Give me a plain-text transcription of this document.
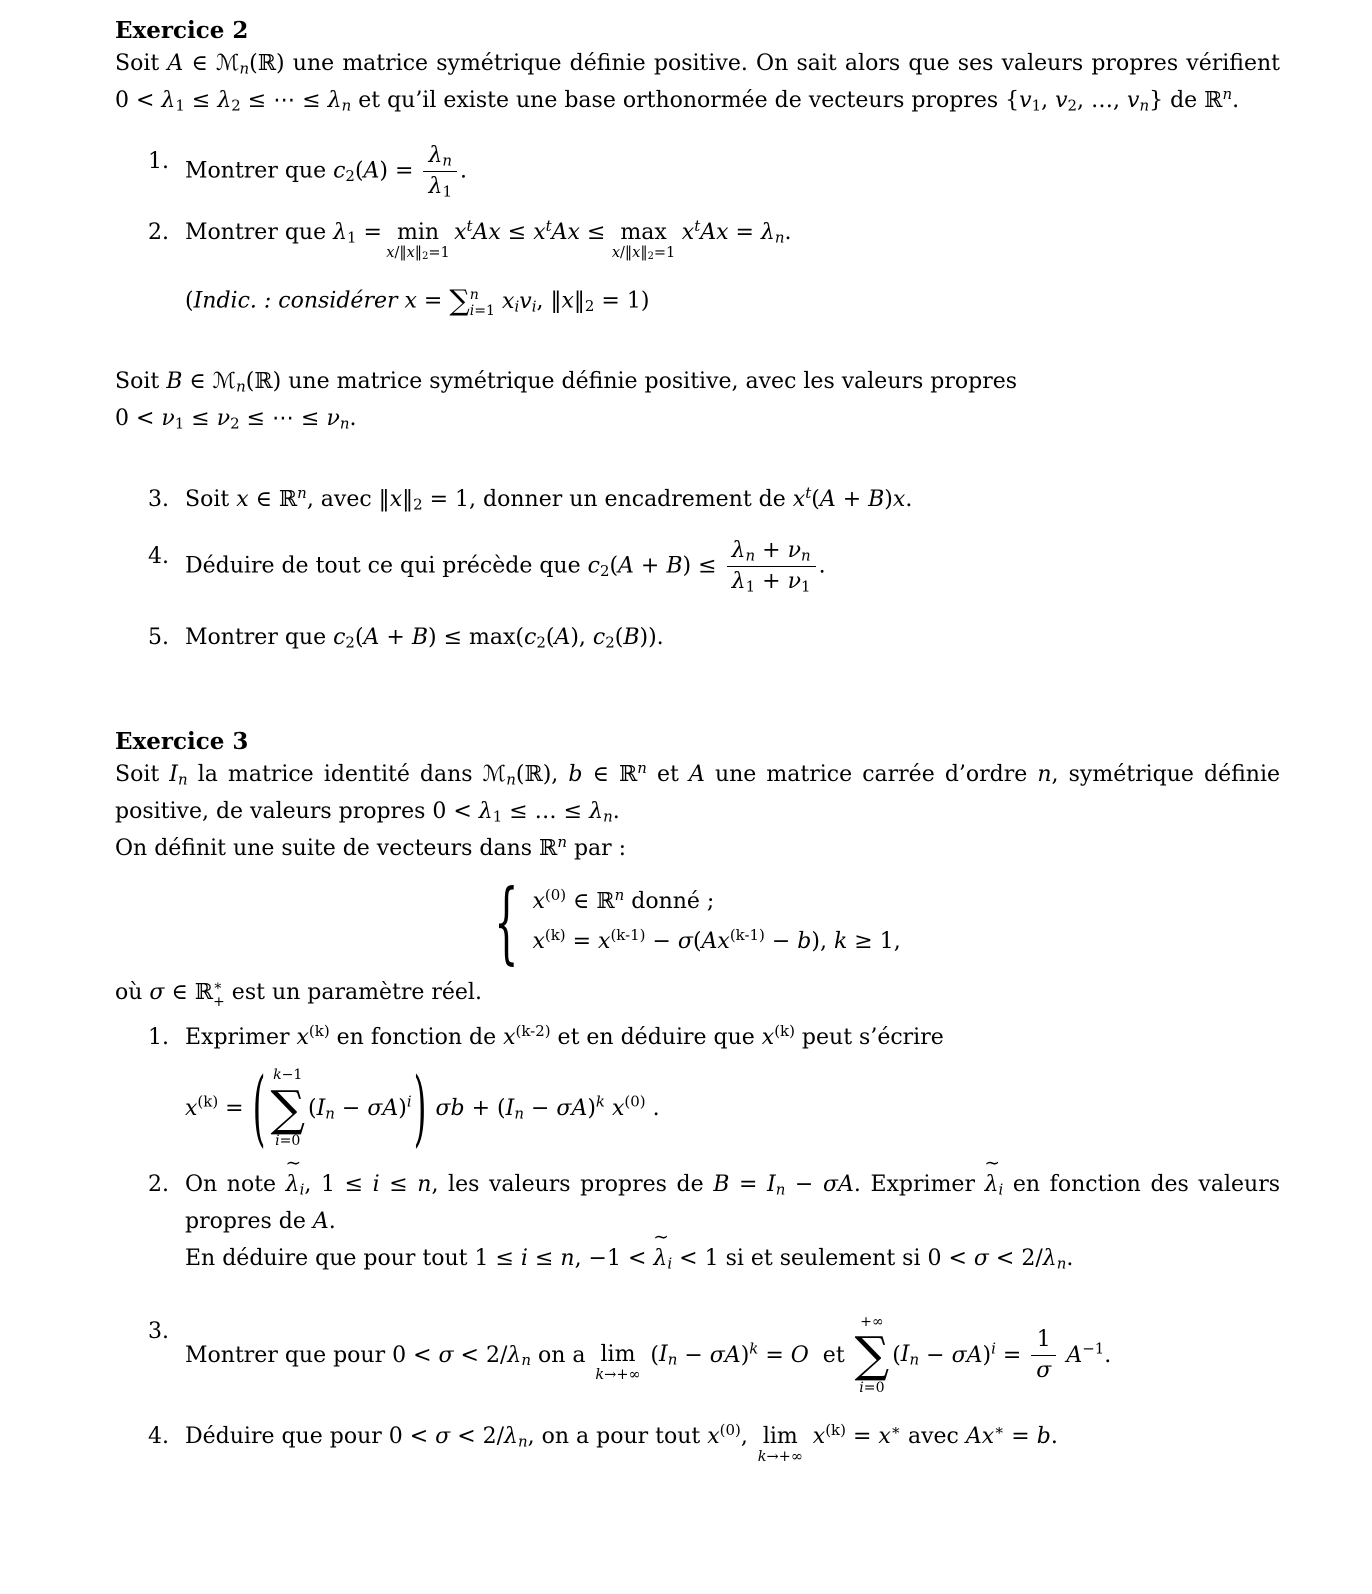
Exercice 2
Soit A ∈ ℳ$_n$(ℝ) une matrice symétrique définie positive. On sait alors que ses valeurs propres vérifient $0 < \lambda_1 \le \lambda_2$ ≤ ⋯ ≤ $\lambda_n$ et qu’il existe une base orthonormée de vecteurs propres {$v_1$, $v_2$, …, $v_n$} de ℝ$^n$.
1. Montrer que $c_2(A) = \frac{\lambda_n}{\lambda_1}$ .
2. Montrer que $\lambda_1 = \min$
$x/‖x‖_2=1$
$x^tAx \le x^tAx \le \max$
$x/‖x‖_2=1$
$x^tAx = \lambda_n$.
(Indic. : considérer x = ∑ n
i=1 $x_iv_i$, $‖x‖_2 = 1$)
Soit B ∈ ℳ$_n$(ℝ) une matrice symétrique définie positive, avec les valeurs propres
$0 < \nu_1 \le \nu_2$ ≤ ⋯ ≤ $\nu_n$.
3. Soit x ∈ ℝ$^n$, avec $‖x‖_2 = 1$, donner un encadrement de $x^t(A + B)x$.
4. Déduire de tout ce qui précède que $c_2(A + B) \le \frac{\lambda_n + \nu_n}{\lambda_1 + \nu_1}$ .
5. Montrer que $c_2(A + B) \le \max(c_2(A)$, $c_2(B)$).
Exercice 3
Soit $I_n$ la matrice identité dans ℳ$_n$(ℝ), b ∈ ℝ$^n$ et A une matrice carrée d’ordre n, symétrique définie positive, de valeurs propres $0 < \lambda_1$ ≤ … ≤ $\lambda_n$.
On définit une suite de vecteurs dans ℝ$^n$ par :
{ $x^{(0)}$ ∈ ℝ$^n$ donné ;
$x^{(k)} = x^{(k-1)} - \sigma(Ax^{(k-1)} - b)$, k ≥ 1,
où σ ∈ ℝ ∗
+ est un paramètre réel.
1. Exprimer $x^{(k)}$ en fonction de $x^{(k-2)}$ et en déduire que $x^{(k)}$ peut s’écrire
$x^{(k)}$ = ( k−1
∑
i=0
$(I_n - \sigma A)^i$) $\sigma b + (I_n - \sigma A)^k$ $x^{(0)}$ .
2. On note
∼
$\lambda_i$, 1 ≤ i ≤ n, les valeurs propres de $B = I_n - \sigma A$. Exprimer
∼
$\lambda_i$ en fonction des valeurs propres de A.
En déduire que pour tout 1 ≤ i ≤ n, −1 <
∼
$\lambda_i < 1$ si et seulement si $0 < \sigma < 2/\lambda_n$.
3.
Montrer que pour $0 < \sigma < 2/\lambda_n$ on a lim
k→+∞
$(I_n - \sigma A)^k = O$  et
+∞
∑
i=0
$(I_n - \sigma A)^i = \frac{1}{\sigma} A^{-1}$.
4. Déduire que pour $0 < \sigma < 2/\lambda_n$, on a pour tout $x^{(0)}$, lim
k→+∞
$x^{(k)} = x^∗$ avec Ax∗ = b.
